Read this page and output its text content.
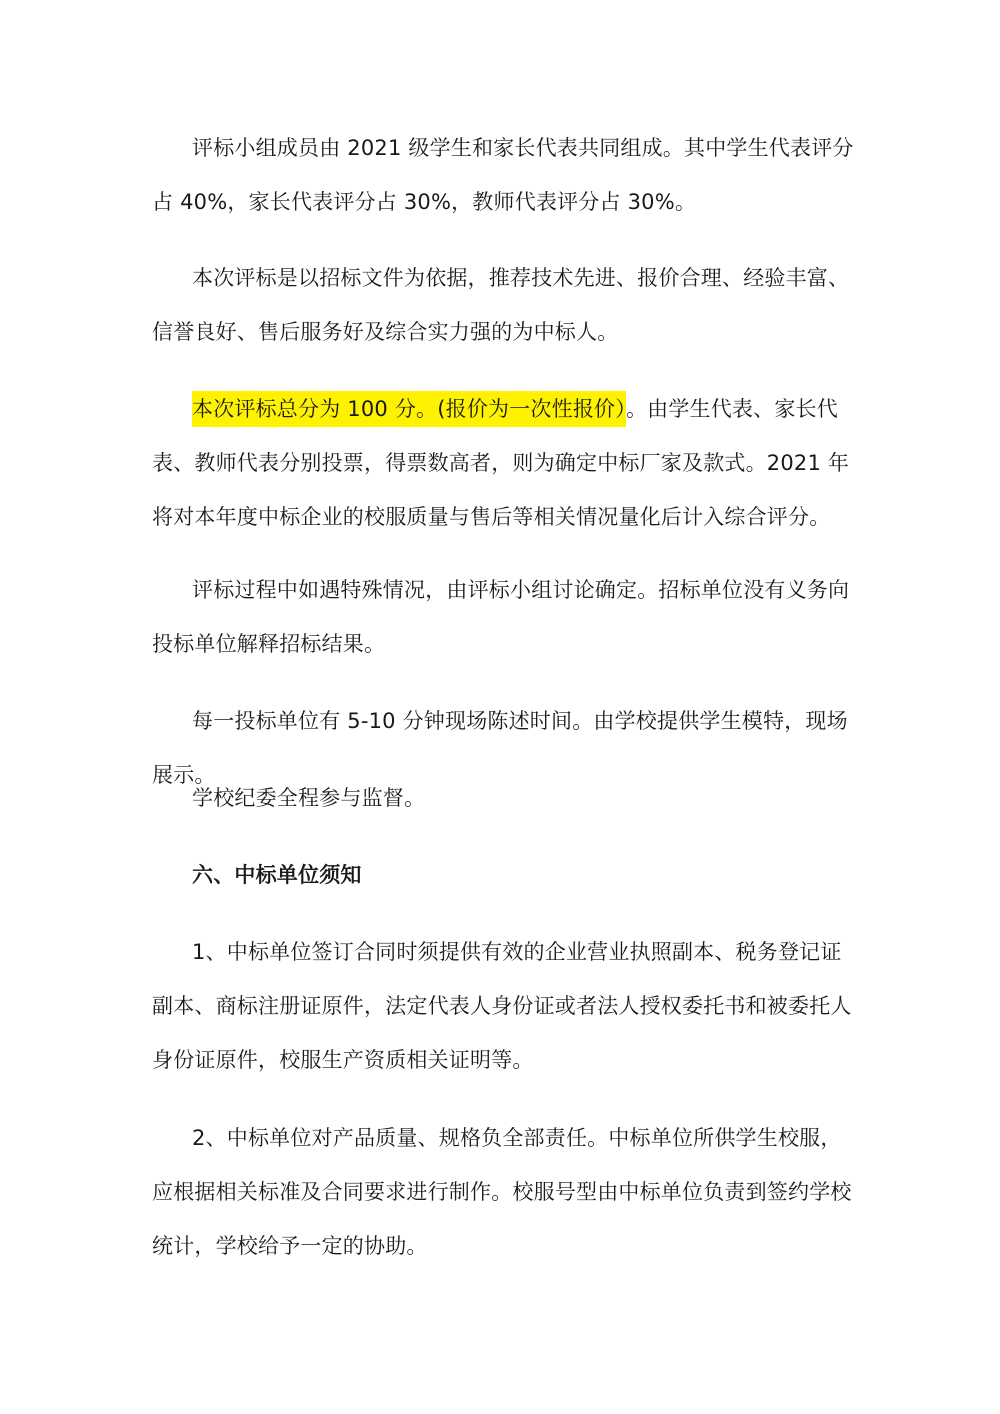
评标小组成员由 2021 级学生和家长代表共同组成。其中学生代表评分占 40%，家长代表评分占 30%，教师代表评分占 30%。

本次评标是以招标文件为依据，推荐技术先进、报价合理、经验丰富、信誉良好、售后服务好及综合实力强的为中标人。

本次评标总分为 100 分。(报价为一次性报价）。由学生代表、家长代表、教师代表分别投票，得票数高者，则为确定中标厂家及款式。2021 年将对本年度中标企业的校服质量与售后等相关情况量化后计入综合评分。

评标过程中如遇特殊情况，由评标小组讨论确定。招标单位没有义务向投标单位解释招标结果。

每一投标单位有 5-10 分钟现场陈述时间。由学校提供学生模特，现场展示。

学校纪委全程参与监督。

六、中标单位须知

1、中标单位签订合同时须提供有效的企业营业执照副本、税务登记证副本、商标注册证原件，法定代表人身份证或者法人授权委托书和被委托人身份证原件，校服生产资质相关证明等。

2、中标单位对产品质量、规格负全部责任。中标单位所供学生校服，应根据相关标准及合同要求进行制作。校服号型由中标单位负责到签约学校统计，学校给予一定的协助。
